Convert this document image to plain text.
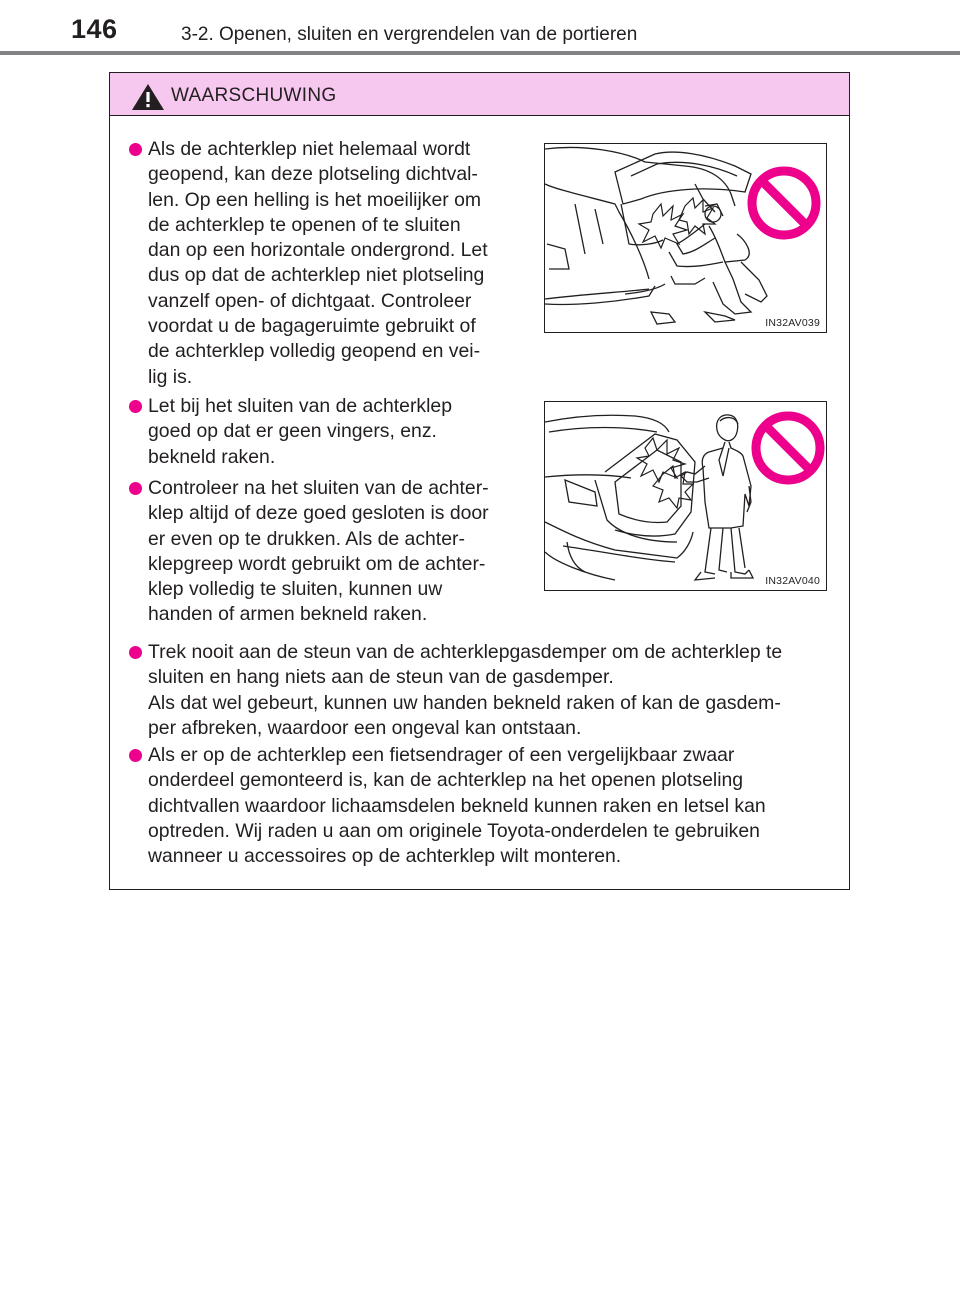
146	3-2. Openen, sluiten en vergrendelen van de portieren
WAARSCHUWING
Als de achterklep niet helemaal wordt
geopend, kan deze plotseling dichtval-
len. Op een helling is het moeilijker om
de achterklep te openen of te sluiten
dan op een horizontale ondergrond. Let
dus op dat de achterklep niet plotseling
vanzelf open- of dichtgaat. Controleer
voordat u de bagageruimte gebruikt of
de achterklep volledig geopend en vei-
lig is.
IN32AV039
Let bij het sluiten van de achterklep
goed op dat er geen vingers, enz.
bekneld raken.
Controleer na het sluiten van de achter-
klep altijd of deze goed gesloten is door
er even op te drukken. Als de achter-
klepgreep wordt gebruikt om de achter-
klep volledig te sluiten, kunnen uw
handen of armen bekneld raken.
IN32AV040
Trek nooit aan de steun van de achterklepgasdemper om de achterklep te
sluiten en hang niets aan de steun van de gasdemper.
Als dat wel gebeurt, kunnen uw handen bekneld raken of kan de gasdem-
per afbreken, waardoor een ongeval kan ontstaan.
Als er op de achterklep een fietsendrager of een vergelijkbaar zwaar
onderdeel gemonteerd is, kan de achterklep na het openen plotseling
dichtvallen waardoor lichaamsdelen bekneld kunnen raken en letsel kan
optreden. Wij raden u aan om originele Toyota-onderdelen te gebruiken
wanneer u accessoires op de achterklep wilt monteren.
